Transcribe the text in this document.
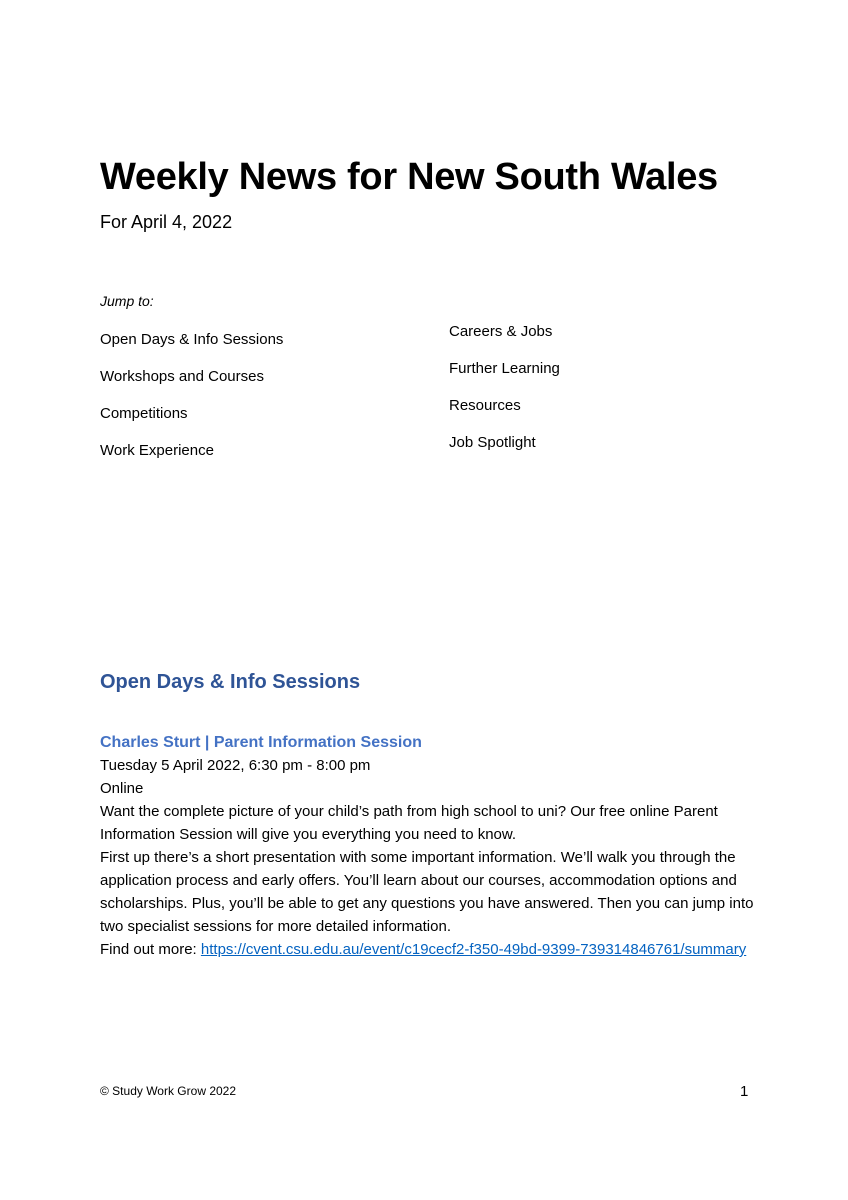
Weekly News for New South Wales
For April 4, 2022
Jump to:
Open Days & Info Sessions
Workshops and Courses
Competitions
Work Experience
Careers & Jobs
Further Learning
Resources
Job Spotlight
Open Days & Info Sessions
Charles Sturt | Parent Information Session
Tuesday 5 April 2022, 6:30 pm - 8:00 pm
Online
Want the complete picture of your child’s path from high school to uni? Our free online Parent Information Session will give you everything you need to know.
First up there’s a short presentation with some important information. We’ll walk you through the application process and early offers. You’ll learn about our courses, accommodation options and scholarships. Plus, you’ll be able to get any questions you have answered. Then you can jump into two specialist sessions for more detailed information.
Find out more: https://cvent.csu.edu.au/event/c19cecf2-f350-49bd-9399-739314846761/summary
© Study Work Grow 2022	1
